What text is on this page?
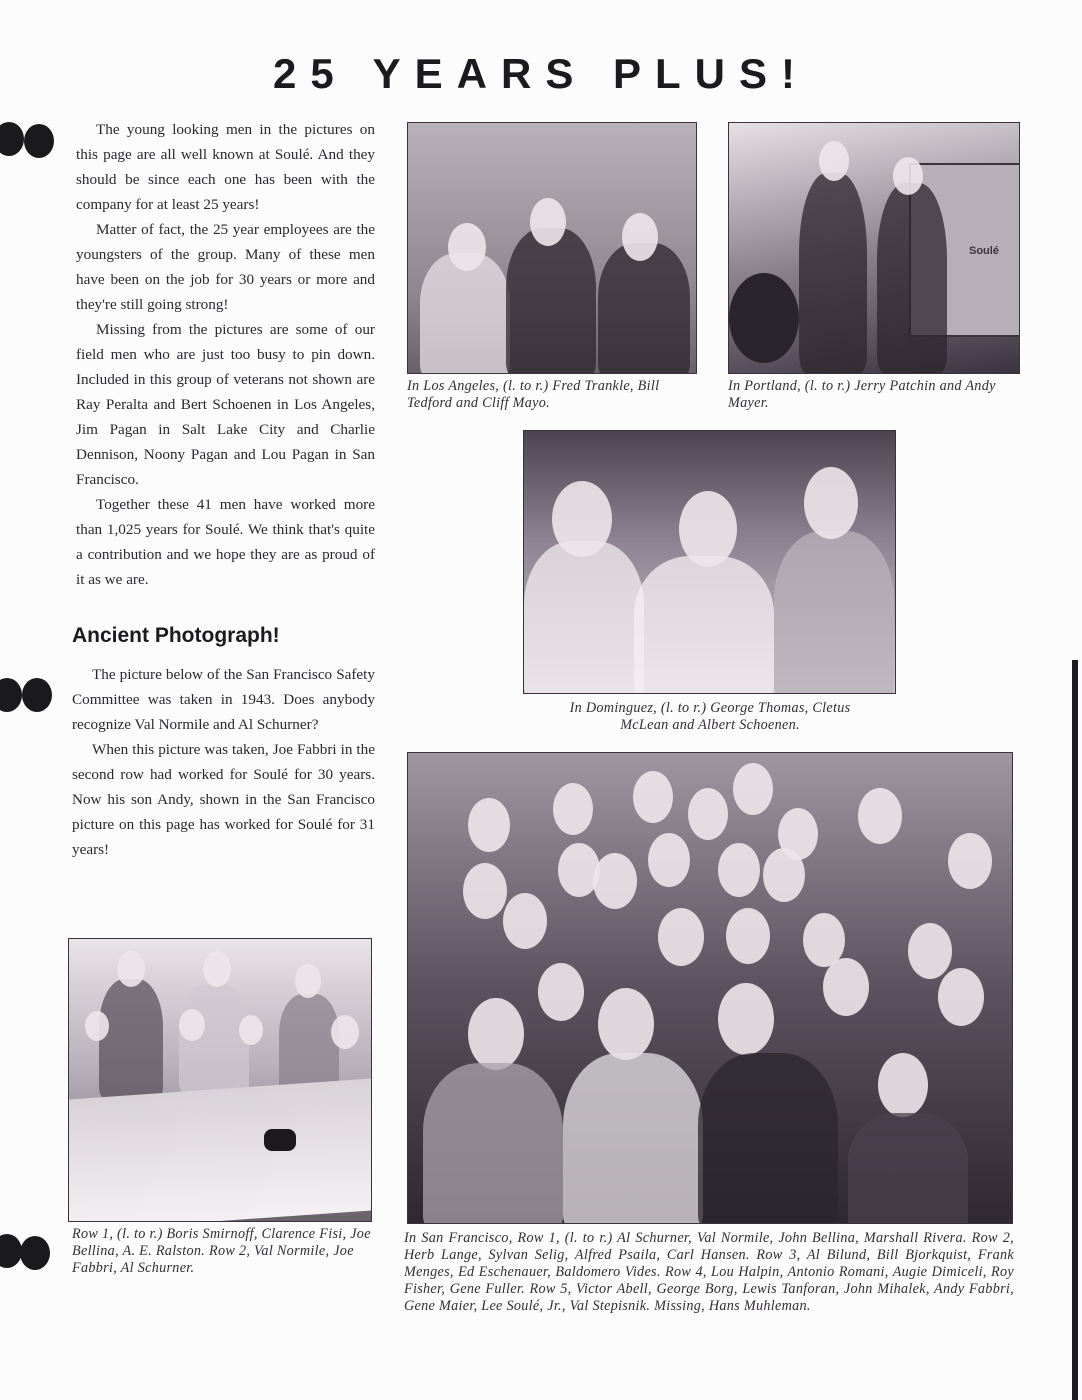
25 YEARS PLUS!

The young looking men in the pictures on this page are all well known at Soulé. And they should be since each one has been with the company for at least 25 years!

Matter of fact, the 25 year employees are the youngsters of the group. Many of these men have been on the job for 30 years or more and they're still going strong!

Missing from the pictures are some of our field men who are just too busy to pin down. Included in this group of veterans not shown are Ray Peralta and Bert Schoenen in Los Angeles, Jim Pagan in Salt Lake City and Charlie Dennison, Noony Pagan and Lou Pagan in San Francisco.

Together these 41 men have worked more than 1,025 years for Soulé. We think that's quite a contribution and we hope they are as proud of it as we are.

Ancient Photograph!

The picture below of the San Francisco Safety Committee was taken in 1943. Does anybody recognize Val Normile and Al Schurner?

When this picture was taken, Joe Fabbri in the second row had worked for Soulé for 30 years. Now his son Andy, shown in the San Francisco picture on this page has worked for Soulé for 31 years!

In Los Angeles, (l. to r.) Fred Trankle, Bill Tedford and Cliff Mayo.
Soulé
In Portland, (l. to r.) Jerry Patchin and Andy Mayer.
In Dominguez, (l. to r.) George Thomas, Cletus McLean and Albert Schoenen.
In San Francisco, Row 1, (l. to r.) Al Schurner, Val Normile, John Bellina, Marshall Rivera. Row 2, Herb Lange, Sylvan Selig, Alfred Psaila, Carl Hansen. Row 3, Al Bilund, Bill Bjorkquist, Frank Menges, Ed Eschenauer, Baldomero Vides. Row 4, Lou Halpin, Antonio Romani, Augie Dimiceli, Roy Fisher, Gene Fuller. Row 5, Victor Abell, George Borg, Lewis Tanforan, John Mihalek, Andy Fabbri, Gene Maier, Lee Soulé, Jr., Val Stepisnik. Missing, Hans Muhleman.
Row 1, (l. to r.) Boris Smirnoff, Clarence Fisi, Joe Bellina, A. E. Ralston. Row 2, Val Normile, Joe Fabbri, Al Schurner.
